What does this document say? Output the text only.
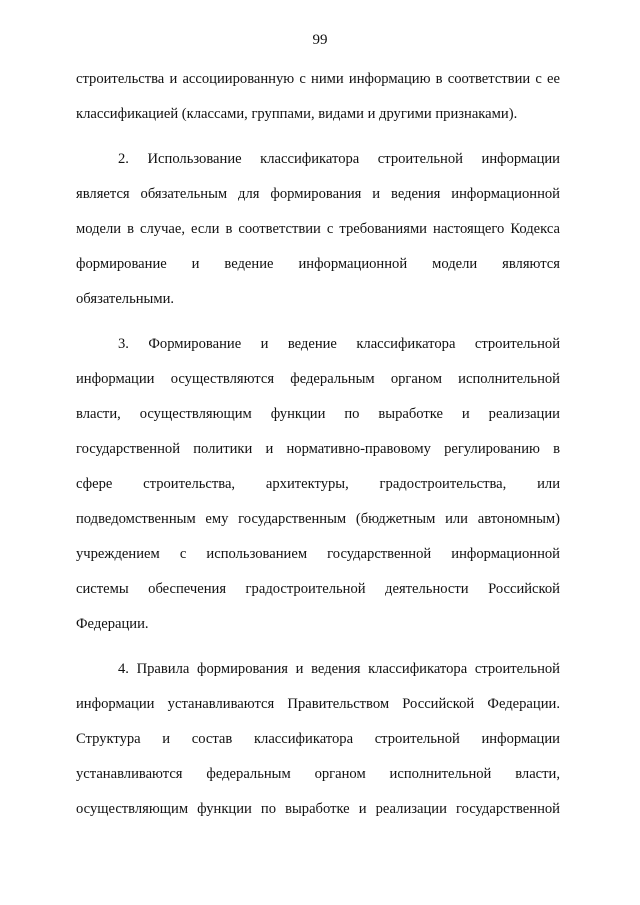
99
строительства и ассоциированную с ними информацию в соответствии с ее
классификацией (классами, группами, видами и другими признаками).
2. Использование классификатора строительной информации
является обязательным для формирования и ведения информационной
модели в случае, если в соответствии с требованиями настоящего Кодекса
формирование и ведение информационной модели являются
обязательными.
3. Формирование и ведение классификатора строительной
информации осуществляются федеральным органом исполнительной
власти, осуществляющим функции по выработке и реализации
государственной политики и нормативно-правовому регулированию в
сфере строительства, архитектуры, градостроительства, или
подведомственным ему государственным (бюджетным или автономным)
учреждением с использованием государственной информационной
системы обеспечения градостроительной деятельности Российской
Федерации.
4. Правила формирования и ведения классификатора строительной
информации устанавливаются Правительством Российской Федерации.
Структура и состав классификатора строительной информации
устанавливаются федеральным органом исполнительной власти,
осуществляющим функции по выработке и реализации государственной
